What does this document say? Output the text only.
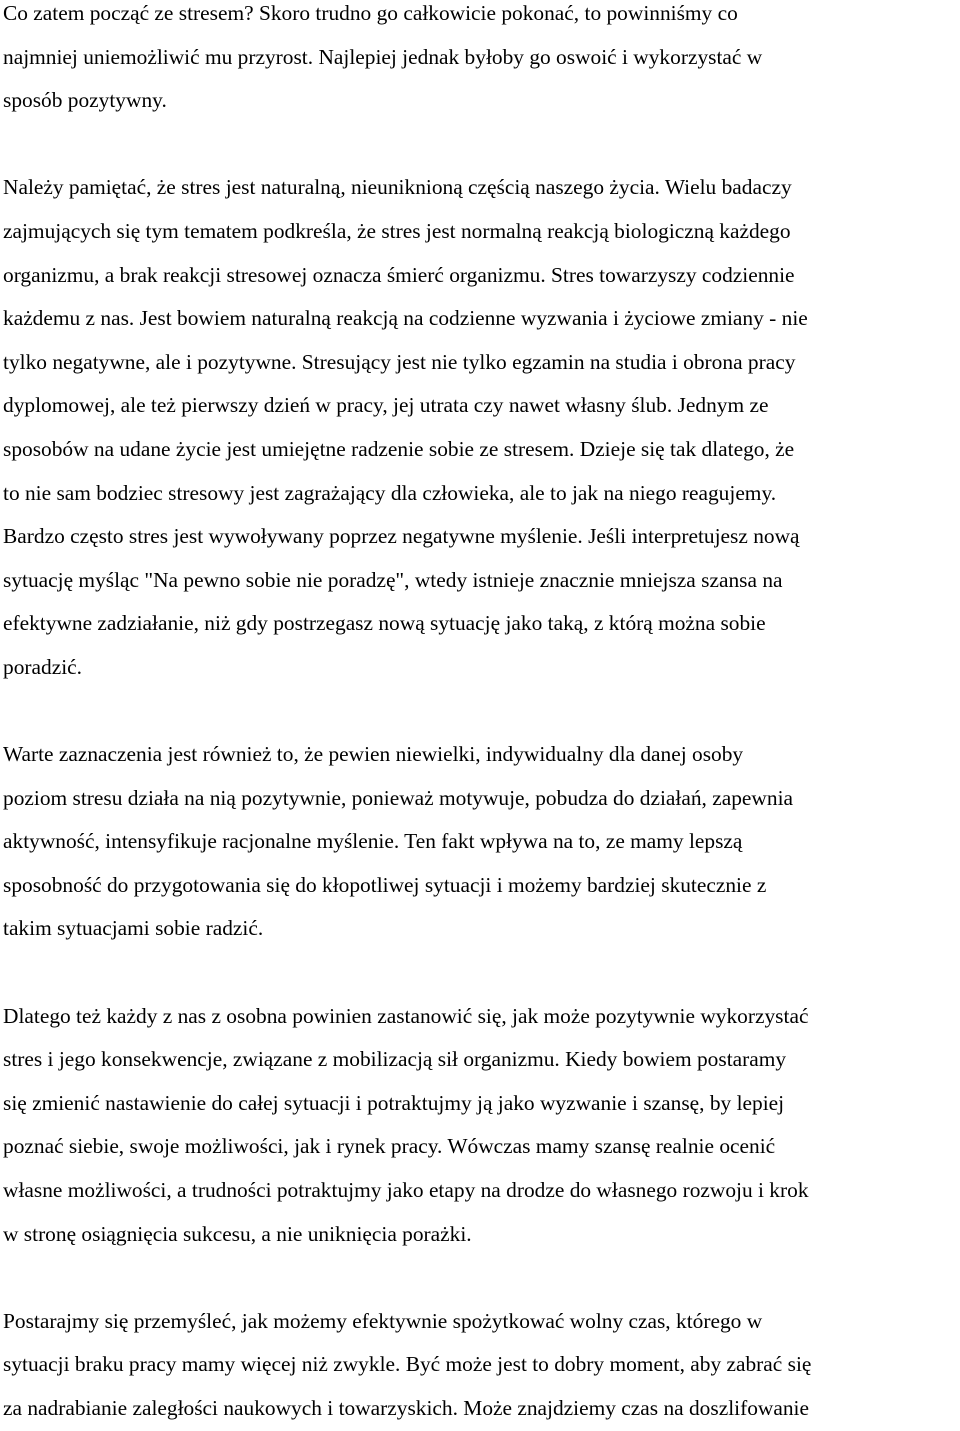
Co zatem począć ze stresem? Skoro trudno go całkowicie pokonać, to powinniśmy co
najmniej uniemożliwić mu przyrost. Najlepiej jednak byłoby go oswoić i wykorzystać w
sposób pozytywny.

Należy pamiętać, że stres jest naturalną, nieuniknioną częścią naszego życia. Wielu badaczy
zajmujących się tym tematem podkreśla, że stres jest normalną reakcją biologiczną każdego
organizmu, a brak reakcji stresowej oznacza śmierć organizmu. Stres towarzyszy codziennie
każdemu z nas. Jest bowiem naturalną reakcją na codzienne wyzwania i życiowe zmiany - nie
tylko negatywne, ale i pozytywne. Stresujący jest nie tylko egzamin na studia i obrona pracy
dyplomowej, ale też pierwszy dzień w pracy, jej utrata czy nawet własny ślub. Jednym ze
sposobów na udane życie jest umiejętne radzenie sobie ze stresem. Dzieje się tak dlatego, że
to nie sam bodziec stresowy jest zagrażający dla człowieka, ale to jak na niego reagujemy.
Bardzo często stres jest wywoływany poprzez negatywne myślenie. Jeśli interpretujesz nową
sytuację myśląc "Na pewno sobie nie poradzę", wtedy istnieje znacznie mniejsza szansa na
efektywne zadziałanie, niż gdy postrzegasz nową sytuację jako taką, z którą można sobie
poradzić.

Warte zaznaczenia jest również to, że pewien niewielki, indywidualny dla danej osoby
poziom stresu działa na nią pozytywnie, ponieważ motywuje, pobudza do działań, zapewnia
aktywność, intensyfikuje racjonalne myślenie. Ten fakt wpływa na to, ze mamy lepszą
sposobność do przygotowania się do kłopotliwej sytuacji i możemy bardziej skutecznie z
takim sytuacjami sobie radzić.

Dlatego też każdy z nas z osobna powinien zastanowić się, jak może pozytywnie wykorzystać
stres i jego konsekwencje, związane z mobilizacją sił organizmu. Kiedy bowiem postaramy
się zmienić nastawienie do całej sytuacji i potraktujmy ją jako wyzwanie i szansę, by lepiej
poznać siebie, swoje możliwości, jak i rynek pracy. Wówczas mamy szansę realnie ocenić
własne możliwości, a trudności potraktujmy jako etapy na drodze do własnego rozwoju i krok
w stronę osiągnięcia sukcesu, a nie uniknięcia porażki.

Postarajmy się przemyśleć, jak możemy efektywnie spożytkować wolny czas, którego w
sytuacji braku pracy mamy więcej niż zwykle. Być może jest to dobry moment, aby zabrać się
za nadrabianie zaległości naukowych i towarzyskich. Może znajdziemy czas na doszlifowanie
